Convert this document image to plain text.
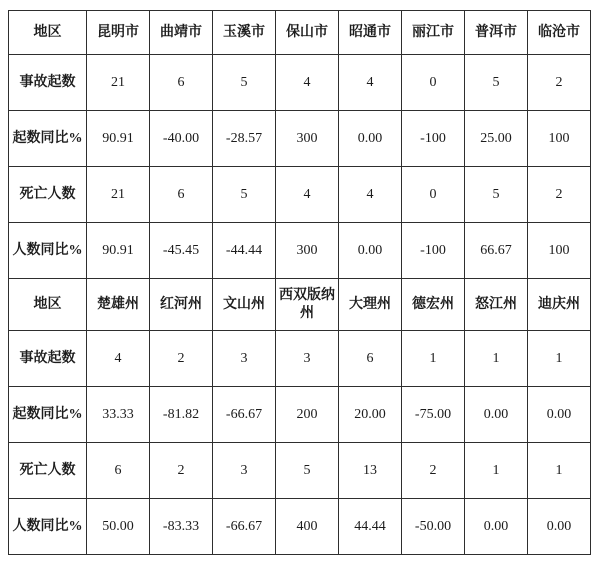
地区	昆明市	曲靖市	玉溪市	保山市	昭通市	丽江市	普洱市	临沧市
事故起数	21	6	5	4	4	0	5	2
起数同比%	90.91	-40.00	-28.57	300	0.00	-100	25.00	100
死亡人数	21	6	5	4	4	0	5	2
人数同比%	90.91	-45.45	-44.44	300	0.00	-100	66.67	100
地区	楚雄州	红河州	文山州	西双版纳州	大理州	德宏州	怒江州	迪庆州
事故起数	4	2	3	3	6	1	1	1
起数同比%	33.33	-81.82	-66.67	200	20.00	-75.00	0.00	0.00
死亡人数	6	2	3	5	13	2	1	1
人数同比%	50.00	-83.33	-66.67	400	44.44	-50.00	0.00	0.00
